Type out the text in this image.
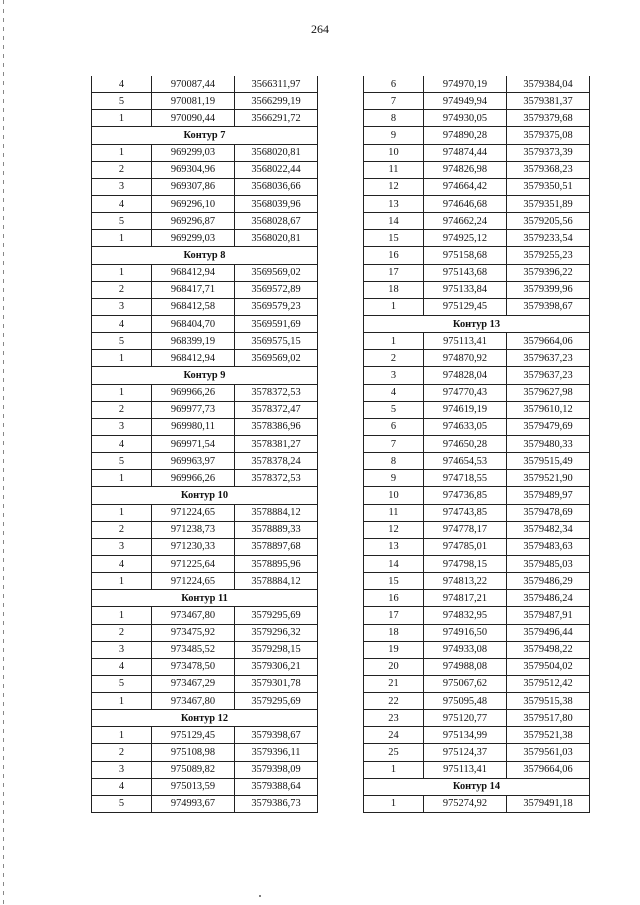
264
4	970087,44	3566311,97
5	970081,19	3566299,19
1	970090,44	3566291,72
Контур 7		
1	969299,03	3568020,81
2	969304,96	3568022,44
3	969307,86	3568036,66
4	969296,10	3568039,96
5	969296,87	3568028,67
1	969299,03	3568020,81
Контур 8		
1	968412,94	3569569,02
2	968417,71	3569572,89
3	968412,58	3569579,23
4	968404,70	3569591,69
5	968399,19	3569575,15
1	968412,94	3569569,02
Контур 9		
1	969966,26	3578372,53
2	969977,73	3578372,47
3	969980,11	3578386,96
4	969971,54	3578381,27
5	969963,97	3578378,24
1	969966,26	3578372,53
Контур 10		
1	971224,65	3578884,12
2	971238,73	3578889,33
3	971230,33	3578897,68
4	971225,64	3578895,96
1	971224,65	3578884,12
Контур 11		
1	973467,80	3579295,69
2	973475,92	3579296,32
3	973485,52	3579298,15
4	973478,50	3579306,21
5	973467,29	3579301,78
1	973467,80	3579295,69
Контур 12		
1	975129,45	3579398,67
2	975108,98	3579396,11
3	975089,82	3579398,09
4	975013,59	3579388,64
5	974993,67	3579386,73
6	974970,19	3579384,04
7	974949,94	3579381,37
8	974930,05	3579379,68
9	974890,28	3579375,08
10	974874,44	3579373,39
11	974826,98	3579368,23
12	974664,42	3579350,51
13	974646,68	3579351,89
14	974662,24	3579205,56
15	974925,12	3579233,54
16	975158,68	3579255,23
17	975143,68	3579396,22
18	975133,84	3579399,96
1	975129,45	3579398,67
Контур 13		
1	975113,41	3579664,06
2	974870,92	3579637,23
3	974828,04	3579637,23
4	974770,43	3579627,98
5	974619,19	3579610,12
6	974633,05	3579479,69
7	974650,28	3579480,33
8	974654,53	3579515,49
9	974718,55	3579521,90
10	974736,85	3579489,97
11	974743,85	3579478,69
12	974778,17	3579482,34
13	974785,01	3579483,63
14	974798,15	3579485,03
15	974813,22	3579486,29
16	974817,21	3579486,24
17	974832,95	3579487,91
18	974916,50	3579496,44
19	974933,08	3579498,22
20	974988,08	3579504,02
21	975067,62	3579512,42
22	975095,48	3579515,38
23	975120,77	3579517,80
24	975134,99	3579521,38
25	975124,37	3579561,03
1	975113,41	3579664,06
Контур 14		
1	975274,92	3579491,18
